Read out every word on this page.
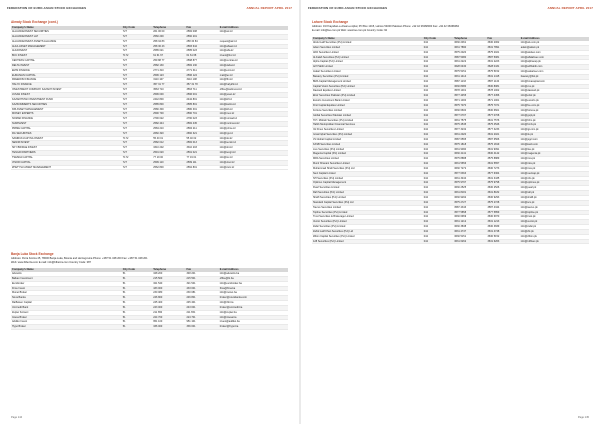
FEDERATION OF EURO-ASIAN STOCK EXCHANGES	ANNUAL REPORT APRIL 2017
Almaty Stock Exchange (cont.)
Company's Name	City Code	Telephone	Fax	E-mail Address
ALLIANCEINVEST SECURITIES	727	261 06 00	2582 008	info@aic.kz
ALLIANCEINVEST LLP	727	2560 200	2560 201	
ALLIANCEINVEST ASSETS ALLIANCE	727	258 34 83	258 34 84	request@aic.kz
ALFA-ASSET MANAGEMENT	727	258 36 43	2583 644	info@alfaam.kz
ALFAINVEST	727	2585 021	2585 023	info@alfa.kz
BCC INVEST	7172	61 61 67	61 61 68	invest@bcc.kz
CENTRAS CAPITAL	727	259 88 77	2598 877	info@centras.kz
DELTA INVEST	727	2582 130	2582 130	info@delta.kz
EMIS FINANCE	727	2771 310	2771 311	info@emis.kz
EURASIAN CAPITAL	727	2596 123	2596 124	mail@ec.kz
FREEDOM FINANCE	727	3110 107	3110 108	info@ffin.kz
HALYK FINANCE	727	357 31 77	357 31 78	info@halykfin.kz
INVESTMENT COMPANY KAZAKH INVEST	727	3563 710	3563 711	office@kazinvest.kz
JUSAN INVEST	727	2596 000	2596 001	info@jusan.kz
KAZAKHSTAN INVESTMENT FUND	727	2442 800	2442 801	info@kif.kz
KAZKOMMERTS SECURITIES	727	2585 800	2585 801	info@kazks.kz
KIB ASSET MANAGEMENT	727	2580 300	2580 301	info@kib.kz
MONEY EXPERTS	727	2590 700	2590 701	info@mex.kz
NOMAD FINANCE	727	2790 022	2790 023	info@nomad.kz
NURINVEST	727	2582 444	2582 445	info@nurinvest.kz
PRIME CAPITAL	727	2584 210	2584 211	info@prime.kz
RG SECURITIES	727	2660 320	2660 321	info@rgs.kz
SAMRUK-KAZYNA INVEST	7172	55 40 01	55 40 02	info@ski.kz
SENIM INVEST	727	2582 012	2582 013	info@senim.kz
SKY BRIDGE INVEST	727	3310 202	3310 203	info@sbi.kz
TENGRI PARTNERS	727	2591 020	2591 021	info@tengri.kz
TSESNA CAPITAL	7172	77 19 00	77 19 01	info@tsc.kz
VISOR CAPITAL	727	2599 110	2599 111	info@visor.kz
ZHETYSU ASSET MANAGEMENT	727	2562 800	2562 801	info@zam.kz
Banja Luka Stock Exchange
Address: Petra Kocica 45, 78000 Banja Luka, Bosnia and Herzegovina Phone: +387 51 348 200 Fax: +387 51 348 201
Web: www.blberza.com E-mail: info@blberza.com Country Code: 387
Company's Name	City Code	Telephone	Fax	E-mail Address
Advantis	51	348 200	348 201	info@advantis.ba
Balkan Investment	51	215 500	215 501	office@bi.ba
Eurobroker	51	321 540	321 541	info@eurobroker.ba
Fima Invest	51	433 000	433 001	fima@fima.ba
Monet Broker	51	230 080	230 081	info@monet.ba
Nova Banka	51	246 800	246 801	broker@novabanka.com
Raiffeisen Capital	51	245 400	245 401	info@rbb.ba
Unicredit Bank	51	243 000	243 001	broker@unicredit.ba
Zepter Komerc	51	211 650	211 651	info@zepter.ba
Intesa Broker	51	224 700	224 701	info@intesa.ba
Addiko Invest	51	951 100	951 101	invest@addiko.ba
Hypo Broker	51	336 000	336 001	broker@hypo.ba
Page 144
FEDERATION OF EURO-ASIAN STOCK EXCHANGES	ANNUAL REPORT APRIL 2017
Lahore Stock Exchange
Address: 19 Khayaban-e-Aiwan-e-Iqbal, PO Box 1315, Lahore 54000 Pakistan Phone: +92 42 36368000 Fax: +92 42 36368484
E-mail: info@lse.com.pk Web: www.lse.com.pk Country Code: 92
Company's Name	City Code	Telephone	Fax	E-mail Address
Abdul Latif Securities (Pvt) Limited	042	3630 2061	3630 2062	info@als.com.pk
Adam Securities Limited	042	3631 7890	3631 7891	adam@adam.pk
AKD Securities Limited	042	3575 2020	3575 2021	info@akdsec.com
Al-Falah Securities (Pvt) Limited	042	3587 5080	3587 5081	info@alfalahsec.com
Alpha Capital (Pvt) Limited	042	3631 2222	3631 2223	info@alphacap.pk
Arif Habib Limited	042	3628 0430	3628 0431	info@arifhabib.com
Askari Securities Limited	042	3575 5151	3575 5152	info@askarisec.com
Bawany Securities (Pvt) Limited	042	3631 1414	3631 1415	bawany@bsl.pk
BMA Capital Management Limited	042	3587 1133	3587 1134	info@bmacapital.com
Capital Vision Securities (Pvt) Limited	042	3630 8080	3630 8081	info@cvs.pk
Dawood Equities Limited	042	3578 1001	3578 1002	info@dawood.pk
Elixir Securities Pakistan (Pvt) Limited	042	3577 4455	3577 4456	info@elixir.pk
Escorts Investment Bank Limited	042	3571 1000	3571 1001	info@escorts.pk
First Capital Equities Limited	042	3575 7070	3575 7071	info@fce.com.pk
Fortune Securities Limited	042	3630 6600	3630 6601	info@fortune.pk
Global Securities Pakistan Limited	042	3577 0707	3577 0708	info@gspl.pk
H.H. Misbah Securities (Pvt) Limited	042	3631 7575	3631 7576	info@hhm.pk
Habib Metropolitan Financial Services	042	3575 4545	3575 4546	info@hmfs.pk
IGI Finex Securities Limited	042	3577 3232	3577 3233	info@igi.com.pk
Ismail Iqbal Securities (Pvt) Limited	042	3631 2020	3631 2021	info@iis.pk
JS Global Capital Limited	042	3587 6565	3587 6566	info@jsgcl.com
KASB Securities Limited	042	3575 1818	3575 1819	info@kasb.com
Live Securities (Pvt) Limited	042	3631 9090	3631 9091	info@live.pk
Magenta Capital (Pvt) Limited	042	3630 4141	3630 4142	info@magenta.pk
MRA Securities Limited	042	3575 8888	3575 8889	info@mra.pk
Munir Khanani Securities Limited	042	3631 5656	3631 5657	info@mks.pk
Muhammad Shafi Securities (Pvt) Ltd	042	3630 7272	3630 7273	info@mss.pk
Next Capital Limited	042	3577 6363	3577 6364	info@nextcap.pk
NH Securities (Pvt) Limited	042	3631 3434	3631 3435	info@nhs.pk
Optimus Capital Management	042	3575 9797	3575 9798	info@optimus.pk
Pearl Securities Limited	042	3630 2525	3630 2526	info@pearl.pk
Rafi Securities (Pvt) Limited	042	3631 8181	3631 8182	info@rafi.pk
Shaffi Securities (Pvt) Limited	042	3630 9292	3630 9293	info@shaffi.pk
Standard Capital Securities (Pvt) Ltd	042	3575 2727	3575 2728	info@scs.pk
Taurus Securities Limited	042	3587 4343	3587 4344	info@taurus.pk
Topline Securities (Pvt) Limited	042	3577 5858	3577 5859	info@topline.pk
Trust Securities & Brokerage Limited	042	3630 6969	3630 6970	info@trust.pk
Vector Securities (Pvt) Limited	042	3631 1212	3631 1213	info@vector.pk
Zafar Securities (Pvt) Limited	042	3630 3838	3630 3839	info@zafar.pk
Zahid Latif Khan Securities (Pvt) Ltd	042	3631 4747	3631 4748	info@zlk.pk
Zillion Capital Securities (Pvt) Limited	042	3630 5151	3630 5152	info@zillion.pk
128 Securities (Pvt) Limited	042	3631 6262	3631 6263	info@128sec.pk
Page 145
